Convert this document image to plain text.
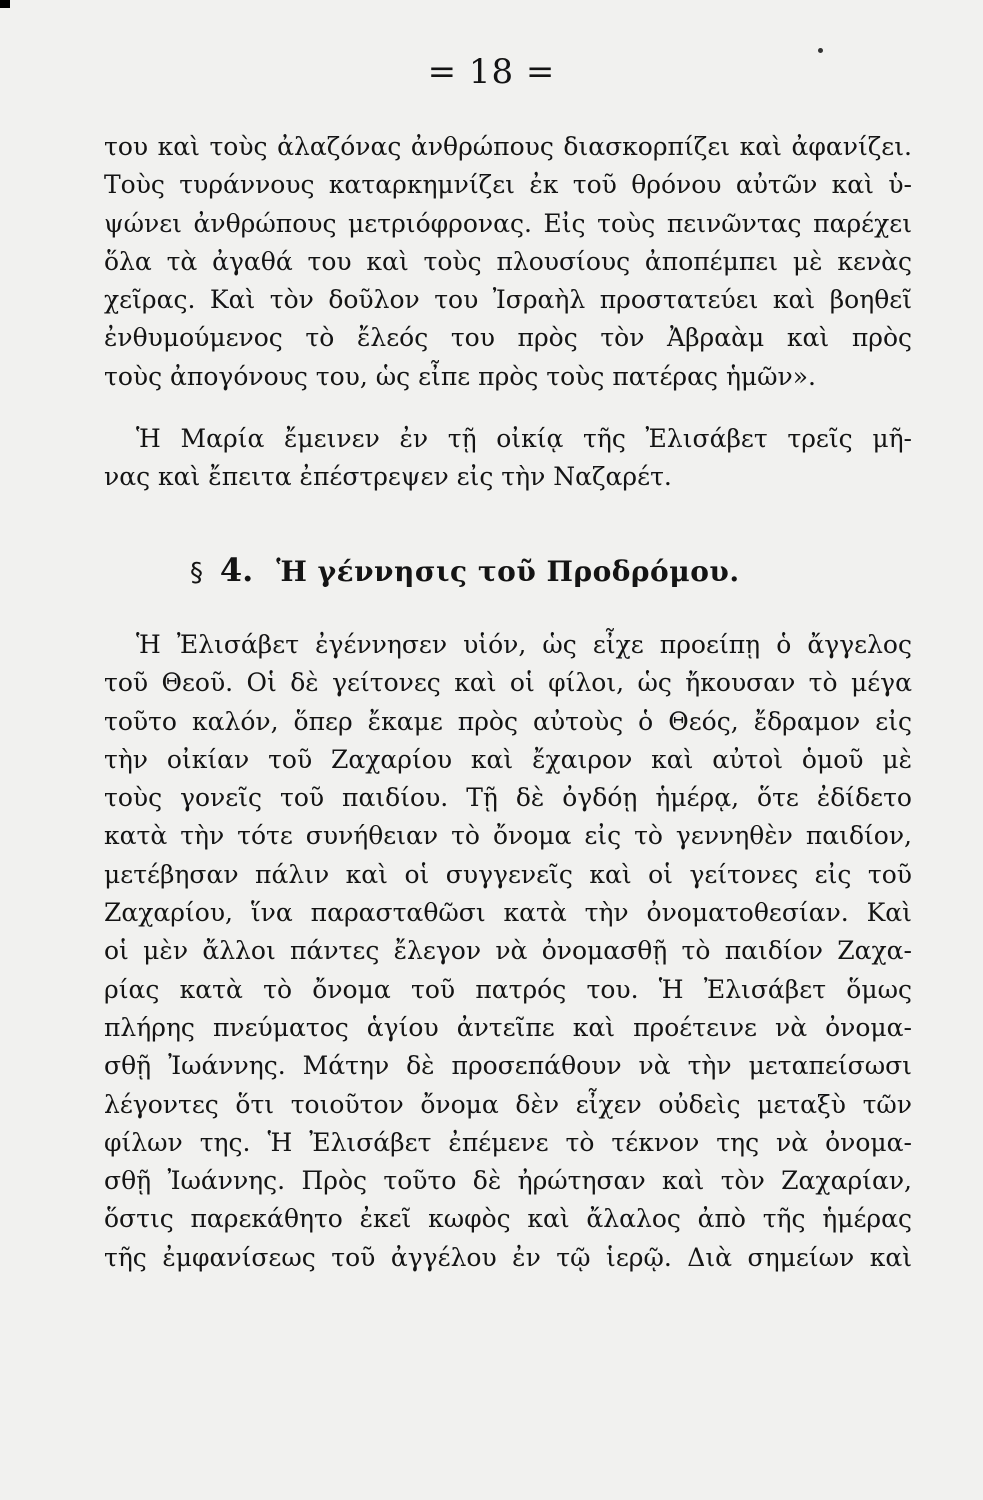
= 18 =
του καὶ τοὺς ἀλαζόνας ἀνθρώπους διασκορπίζει καὶ ἀφανίζει.
Τοὺς τυράννους καταρκημνίζει ἐκ τοῦ θρόνου αὐτῶν καὶ ὑ-
ψώνει ἀνθρώπους μετριόφρονας. Εἰς τοὺς πεινῶντας παρέχει
ὅλα τὰ ἀγαθά του καὶ τοὺς πλουσίους ἀποπέμπει μὲ κενὰς
χεῖρας. Καὶ τὸν δοῦλον του Ἰσραὴλ προστατεύει καὶ βοηθεῖ
ἐνθυμούμενος τὸ ἔλεός του πρὸς τὸν Ἀβραὰμ καὶ πρὸς
τοὺς ἀπογόνους του, ὡς εἶπε πρὸς τοὺς πατέρας ἡμῶν».
Ἡ Μαρία ἔμεινεν ἐν τῇ οἰκίᾳ τῆς Ἐλισάβετ τρεῖς μῆ-
νας καὶ ἔπειτα ἐπέστρεψεν εἰς τὴν Ναζαρέτ.
§ 4. Ἡ γέννησις τοῦ Προδρόμου.
Ἡ Ἐλισάβετ ἐγέννησεν υἱόν, ὡς εἶχε προείπῃ ὁ ἄγγελος
τοῦ Θεοῦ. Οἱ δὲ γείτονες καὶ οἱ φίλοι, ὡς ἤκουσαν τὸ μέγα
τοῦτο καλόν, ὅπερ ἔκαμε πρὸς αὐτοὺς ὁ Θεός, ἔδραμον εἰς
τὴν οἰκίαν τοῦ Ζαχαρίου καὶ ἔχαιρον καὶ αὐτοὶ ὁμοῦ μὲ
τοὺς γονεῖς τοῦ παιδίου. Τῇ δὲ ὀγδόῃ ἡμέρᾳ, ὅτε ἐδίδετο
κατὰ τὴν τότε συνήθειαν τὸ ὄνομα εἰς τὸ γεννηθὲν παιδίον,
μετέβησαν πάλιν καὶ οἱ συγγενεῖς καὶ οἱ γείτονες εἰς τοῦ
Ζαχαρίου, ἵνα παρασταθῶσι κατὰ τὴν ὀνοματοθεσίαν. Καὶ
οἱ μὲν ἄλλοι πάντες ἔλεγον νὰ ὀνομασθῇ τὸ παιδίον Ζαχα-
ρίας κατὰ τὸ ὄνομα τοῦ πατρός του. Ἡ Ἐλισάβετ ὅμως
πλήρης πνεύματος ἁγίου ἀντεῖπε καὶ προέτεινε νὰ ὀνομα-
σθῇ Ἰωάννης. Μάτην δὲ προσεπάθουν νὰ τὴν μεταπείσωσι
λέγοντες ὅτι τοιοῦτον ὄνομα δὲν εἶχεν οὐδεὶς μεταξὺ τῶν
φίλων της. Ἡ Ἐλισάβετ ἐπέμενε τὸ τέκνον της νὰ ὀνομα-
σθῇ Ἰωάννης. Πρὸς τοῦτο δὲ ἠρώτησαν καὶ τὸν Ζαχαρίαν,
ὅστις παρεκάθητο ἐκεῖ κωφὸς καὶ ἄλαλος ἀπὸ τῆς ἡμέρας
τῆς ἐμφανίσεως τοῦ ἀγγέλου ἐν τῷ ἱερῷ. Διὰ σημείων καὶ
